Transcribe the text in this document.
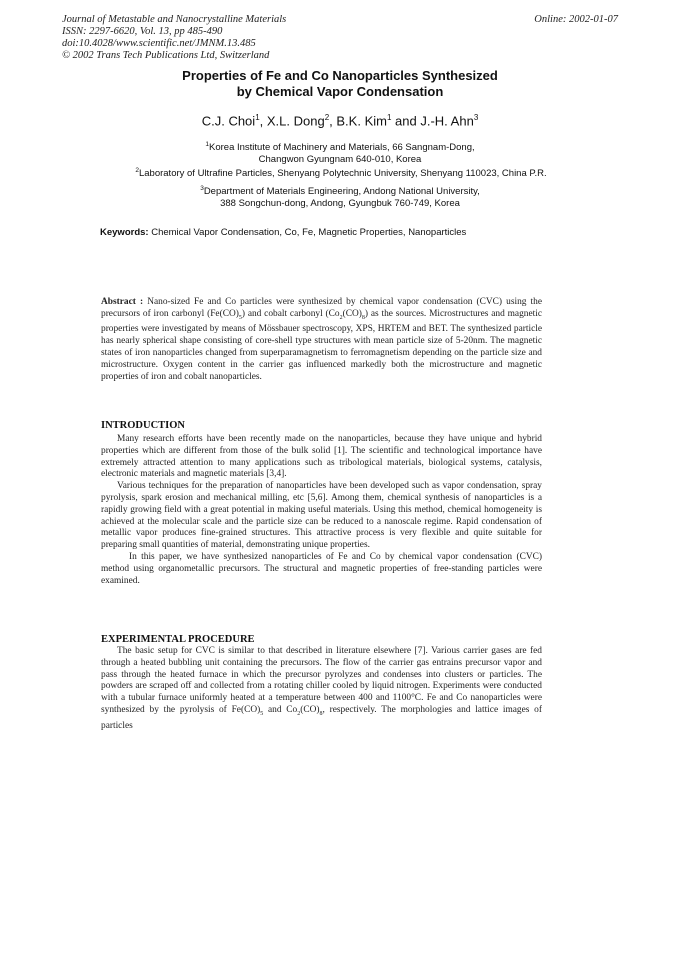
Journal of Metastable and Nanocrystalline Materials
ISSN: 2297-6620, Vol. 13, pp 485-490
doi:10.4028/www.scientific.net/JMNM.13.485
© 2002 Trans Tech Publications Ltd, Switzerland
Online: 2002-01-07
Properties of Fe and Co Nanoparticles Synthesized
by Chemical Vapor Condensation
C.J. Choi$^1$, X.L. Dong$^2$, B.K. Kim$^1$ and J.-H. Ahn$^3$
$^1$Korea Institute of Machinery and Materials, 66 Sangnam-Dong,
Changwon Gyungnam 640-010, Korea
$^2$Laboratory of Ultrafine Particles, Shenyang Polytechnic University, Shenyang 110023, China P.R.
$^3$Department of Materials Engineering, Andong National University,
388 Songchun-dong, Andong, Gyungbuk 760-749, Korea
Keywords: Chemical Vapor Condensation, Co, Fe, Magnetic Properties, Nanoparticles
Abstract : Nano-sized Fe and Co particles were synthesized by chemical vapor condensation (CVC) using the precursors of iron carbonyl $(Fe(CO)_5)$ and cobalt carbonyl $(Co_2(CO)_8)$ as the sources. Microstructures and magnetic properties were investigated by means of Mössbauer spectroscopy, XPS, HRTEM and BET. The synthesized particle has nearly spherical shape consisting of core-shell type structures with mean particle size of 5-20nm. The magnetic states of iron nanoparticles changed from superparamagnetism to ferromagnetism depending on the particle size and microstructure. Oxygen content in the carrier gas influenced markedly both the microstructure and magnetic properties of iron and cobalt nanoparticles.
INTRODUCTION

Many research efforts have been recently made on the nanoparticles, because they have unique and hybrid properties which are different from those of the bulk solid [1]. The scientific and technological importance have extremely attracted attention to many applications such as tribological materials, biological systems, catalysis, electronic materials and magnetic materials [3,4].

Various techniques for the preparation of nanoparticles have been developed such as vapor condensation, spray pyrolysis, spark erosion and mechanical milling, etc [5,6]. Among them, chemical synthesis of nanoparticles is a rapidly growing field with a great potential in making useful materials. Using this method, chemical homogeneity is achieved at the molecular scale and the particle size can be reduced to a nanoscale regime. Rapid condensation of metallic vapor produces fine-grained structures. This attractive process is very flexible and quite suitable for preparing small quantities of material, demonstrating unique properties.

In this paper, we have synthesized nanoparticles of Fe and Co by chemical vapor condensation (CVC) method using organometallic precursors. The structural and magnetic properties of free-standing particles were examined.

EXPERIMENTAL PROCEDURE

The basic setup for CVC is similar to that described in literature elsewhere [7]. Various carrier gases are fed through a heated bubbling unit containing the precursors. The flow of the carrier gas entrains precursor vapor and pass through the heated furnace in which the precursor pyrolyzes and condenses into clusters or particles. The powders are scraped off and collected from a rotating chiller cooled by liquid nitrogen. Experiments were conducted with a tubular furnace uniformly heated at a temperature between 400 and 1100°C. Fe and Co nanoparticles were synthesized by the pyrolysis of $Fe(CO)_5$ and $Co_2(CO)_8$, respectively. The morphologies and lattice images of particles
